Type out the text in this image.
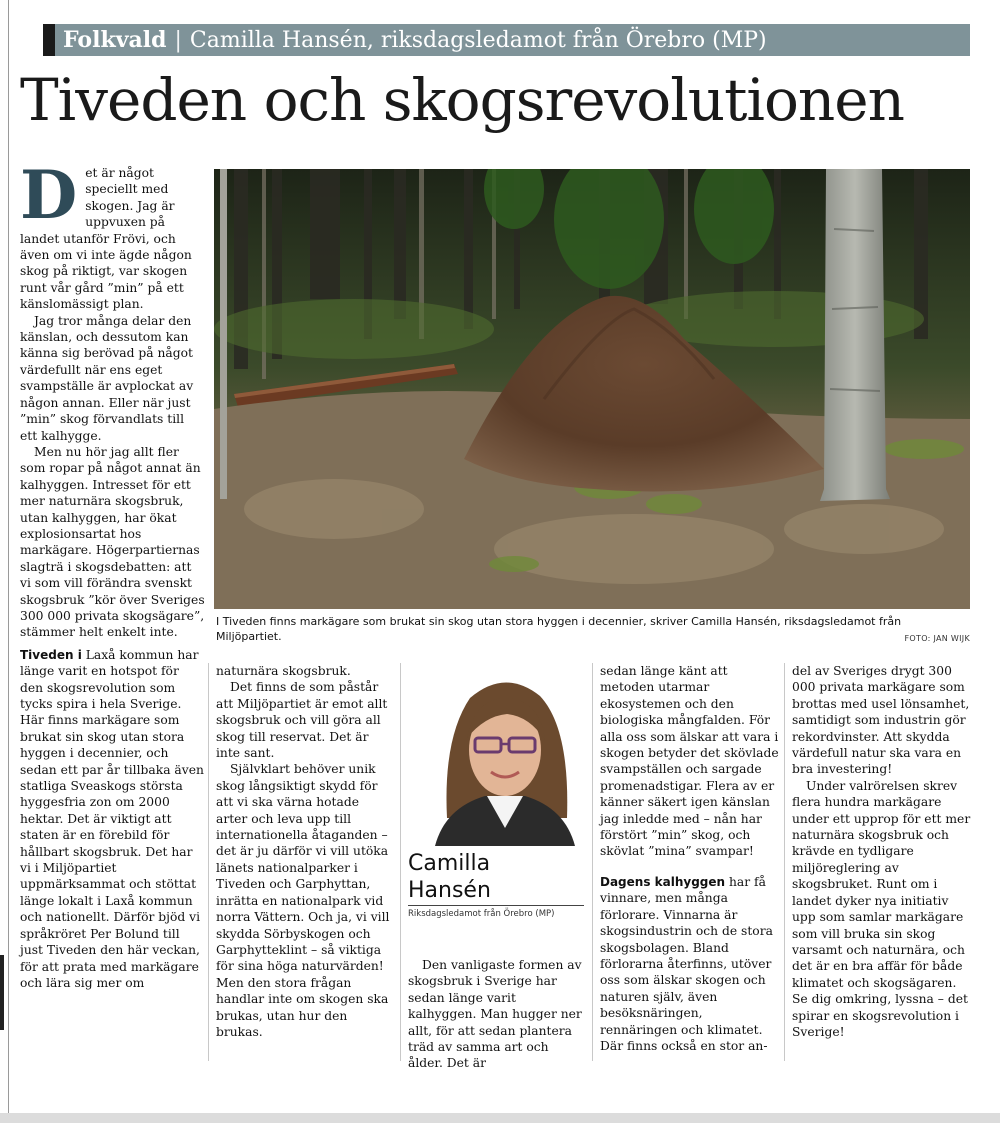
Folkvald | Camilla Hansén, riksdagsledamot från Örebro (MP)
Tiveden och skogsrevolutionen

Det är något speciellt med skogen. Jag är uppvuxen på landet utanför Frövi, och även om vi inte ägde någon skog på riktigt, var skogen runt vår gård ”min” på ett känslomässigt plan.

Jag tror många delar den känslan, och dessutom kan känna sig berövad på något värdefullt när ens eget svampställe är avplockat av någon annan. Eller när just ”min” skog förvandlats till ett kalhygge.

Men nu hör jag allt fler som ropar på något annat än kalhyggen. Intresset för ett mer naturnära skogsbruk, utan kalhyggen, har ökat explosionsartat hos markägare. Högerpartiernas slagträ i skogsdebatten: att vi som vill förändra svenskt skogsbruk ”kör över Sveriges 300 000 privata skogsägare”, stämmer helt enkelt inte.

Tiveden i Laxå kommun har länge varit en hotspot för den skogsrevolution som tycks spira i hela Sverige. Här finns markägare som brukat sin skog utan stora hyggen i decennier, och sedan ett par år tillbaka även statliga Sveaskogs största hyggesfria zon om 2000 hektar. Det är viktigt att staten är en förebild för hållbart skogsbruk. Det har vi i Miljöpartiet uppmärksammat och stöttat länge lokalt i Laxå kommun och nationellt. Därför bjöd vi språkröret Per Bolund till just Tiveden den här veckan, för att prata med markägare och lära sig mer om

I Tiveden finns markägare som brukat sin skog utan stora hyggen i decennier, skriver Camilla Hansén, riksdagsledamot från Miljöpartiet.	FOTO: JAN WIJK

naturnära skogsbruk.

Det finns de som påstår att Miljöpartiet är emot allt skogsbruk och vill göra all skog till reservat. Det är inte sant.

Självklart behöver unik skog långsiktigt skydd för att vi ska värna hotade arter och leva upp till internationella åtaganden – det är ju därför vi vill utöka länets nationalparker i Tiveden och Garphyttan, inrätta en nationalpark vid norra Vättern. Och ja, vi vill skydda Sörbyskogen och Garphytteklint – så viktiga för sina höga naturvärden! Men den stora frågan handlar inte om skogen ska brukas, utan hur den brukas.

Camilla
Hansén
Riksdagsledamot från Örebro (MP)

Den vanligaste formen av skogsbruk i Sverige har sedan länge varit kalhyggen. Man hugger ner allt, för att sedan plantera träd av samma art och ålder. Det är

sedan länge känt att metoden utarmar ekosystemen och den biologiska mångfalden. För alla oss som älskar att vara i skogen betyder det skövlade svampställen och sargade promenadstigar. Flera av er känner säkert igen känslan jag inledde med – nån har förstört ”min” skog, och skövlat ”mina” svampar!

Dagens kalhyggen har få vinnare, men många förlorare. Vinnarna är skogsindustrin och de stora skogsbolagen. Bland förlorarna återfinns, utöver oss som älskar skogen och naturen själv, även besöksnäringen, rennäringen och klimatet. Där finns också en stor an-

del av Sveriges drygt 300 000 privata markägare som brottas med usel lönsamhet, samtidigt som industrin gör rekordvinster. Att skydda värdefull natur ska vara en bra investering!

Under valrörelsen skrev flera hundra markägare under ett upprop för ett mer naturnära skogsbruk och krävde en tydligare miljöreglering av skogsbruket. Runt om i landet dyker nya initiativ upp som samlar markägare som vill bruka sin skog varsamt och naturnära, och det är en bra affär för både klimatet och skogsägaren. Se dig omkring, lyssna – det spirar en skogsrevolution i Sverige!
